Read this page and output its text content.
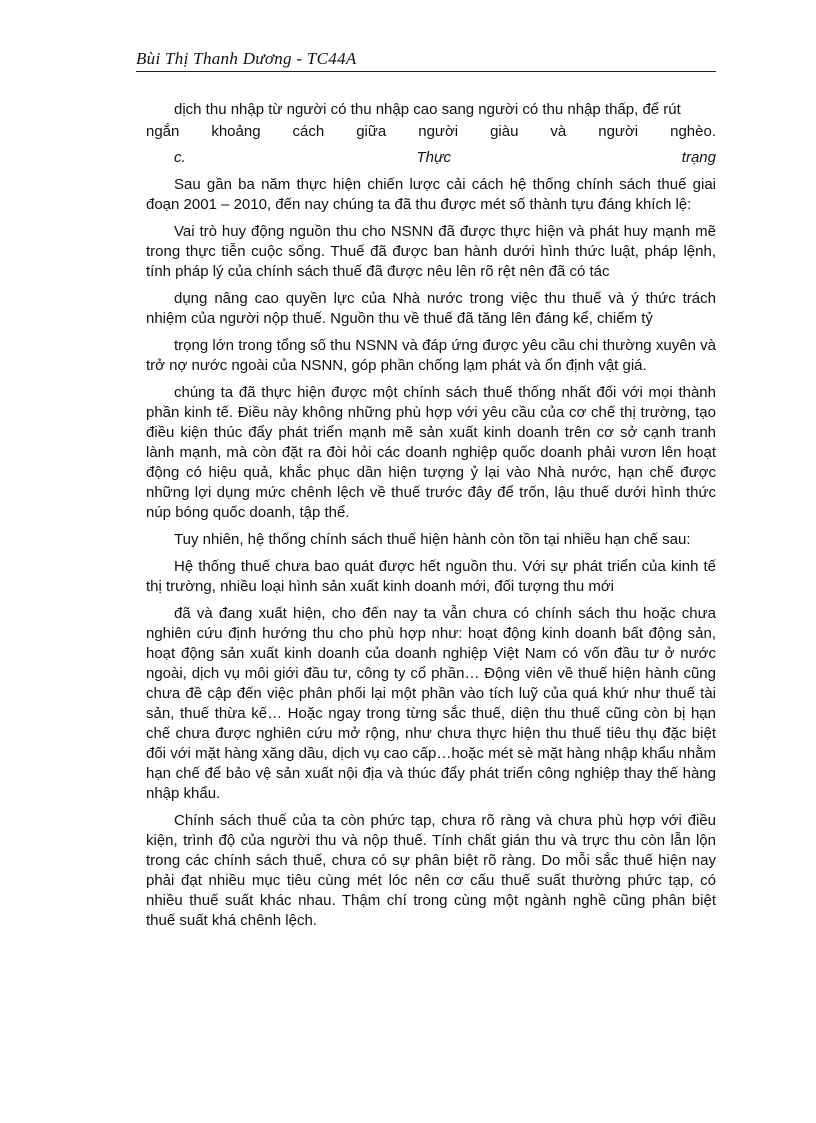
Bùi Thị Thanh Dương - TC44A

dịch thu nhập từ người có thu nhập cao sang người có thu nhập thấp, để rút

ngắn khoảng cách giữa người giàu và người nghèo.

c.	Thực	trạng

Sau gần ba năm thực hiện chiến lược cải cách hệ thống chính sách thuế giai đoạn 2001 – 2010, đến nay chúng ta đã thu được mét số thành tựu đáng khích lệ:

Vai trò huy động nguồn thu cho NSNN đã được thực hiện và phát huy mạnh mẽ trong thực tiễn cuộc sống. Thuế đã được ban hành dưới hình thức luật, pháp lệnh, tính pháp lý của chính sách thuế đã được nêu lên rõ rệt nên đã có tác

dụng nâng cao quyền lực của Nhà nước trong việc thu thuế và ý thức trách nhiệm của người nộp thuế. Nguồn thu về thuế đã tăng lên đáng kể, chiếm tỷ

trọng lớn trong tổng số thu NSNN và đáp ứng được yêu cầu chi thường xuyên và trở nợ nước ngoài của NSNN, góp phần chống lạm phát và ổn định vật giá.

chúng ta đã thực hiện được một chính sách thuế thống nhất đối với mọi thành phần kinh tế. Điều này không những phù hợp với yêu cầu của cơ chế thị trường, tạo điều kiện thúc đẩy phát triển mạnh mẽ sản xuất kinh doanh trên cơ sở cạnh tranh lành mạnh, mà còn đặt ra đòi hỏi các doanh nghiệp quốc doanh phải vươn lên hoạt động có hiệu quả, khắc phục dần hiện tượng ỷ lại vào Nhà nước, hạn chế được những lợi dụng mức chênh lệch về thuế trước đây để trốn, lậu thuế dưới hình thức núp bóng quốc doanh, tập thể.

Tuy nhiên, hệ thống chính sách thuế hiện hành còn tồn tại nhiều hạn chế sau:

Hệ thống thuế chưa bao quát được hết nguồn thu. Với sự phát triển của kinh tế thị trường, nhiều loại hình sản xuất kinh doanh mới, đối tượng thu mới

đã và đang xuất hiện, cho đến nay ta vẫn chưa có chính sách thu hoặc chưa nghiên cứu định hướng thu cho phù hợp như: hoạt động kinh doanh bất động sản, hoạt động sản xuất kinh doanh của doanh nghiệp Việt Nam có vốn đầu tư ở nước ngoài, dịch vụ môi giới đầu tư, công ty cổ phần… Động viên về thuế hiện hành cũng chưa đề cập đến việc phân phối lại một phần vào tích luỹ của quá khứ như thuế tài sản, thuế thừa kế… Hoặc ngay trong từng sắc thuế, diện thu thuế cũng còn bị hạn chế chưa được nghiên cứu mở rộng, như chưa thực hiện thu thuế tiêu thụ đặc biệt đối với mặt hàng xăng dầu, dịch vụ cao cấp…hoặc mét sè mặt hàng nhập khẩu nhằm hạn chế để bảo vệ sản xuất nội địa và thúc đẩy phát triển công nghiệp thay thế hàng nhập khẩu.

Chính sách thuế của ta còn phức tạp, chưa rõ ràng và chưa phù hợp với điều kiện, trình độ của người thu và nộp thuế. Tính chất gián thu và trực thu còn lẫn lộn trong các chính sách thuế, chưa có sự phân biệt rõ ràng. Do mỗi sắc thuế hiện nay phải đạt nhiều mục tiêu cùng mét lóc nên cơ cấu thuế suất thường phức tạp, có nhiều thuế suất khác nhau. Thậm chí trong cùng một ngành nghề cũng phân biệt thuế suất khá chênh lệch.
